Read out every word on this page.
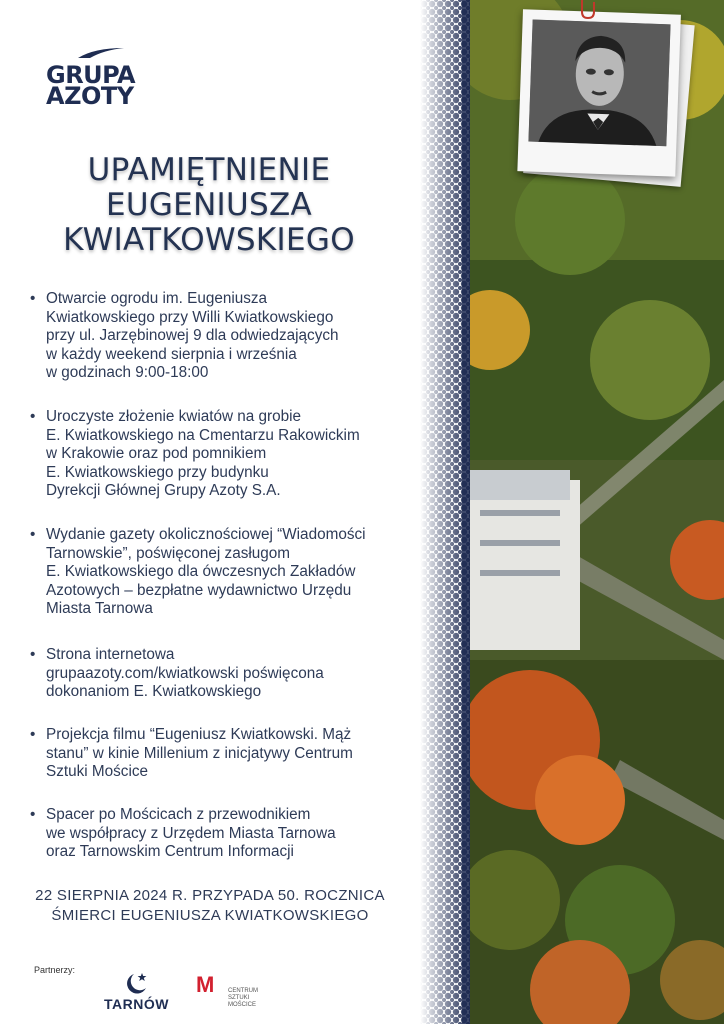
GRUPA
AZOTY
UPAMIĘTNIENIE
EUGENIUSZA
KWIATKOWSKIEGO
• Otwarcie ogrodu im. Eugeniusza
Kwiatkowskiego przy Willi Kwiatkowskiego
przy ul. Jarzębinowej 9 dla odwiedzających
w każdy weekend sierpnia i września
w godzinach 9:00-18:00
• Uroczyste złożenie kwiatów na grobie
E. Kwiatkowskiego na Cmentarzu Rakowickim
w Krakowie oraz pod pomnikiem
E. Kwiatkowskiego przy budynku
Dyrekcji Głównej Grupy Azoty S.A.
• Wydanie gazety okolicznościowej “Wiadomości
Tarnowskie”, poświęconej zasługom
E. Kwiatkowskiego dla ówczesnych Zakładów
Azotowych – bezpłatne wydawnictwo Urzędu
Miasta Tarnowa
• Strona internetowa
grupaazoty.com/kwiatkowski poświęcona
dokonaniom E. Kwiatkowskiego
• Projekcja filmu “Eugeniusz Kwiatkowski. Mąż
stanu” w kinie Millenium z inicjatywy Centrum
Sztuki Mościce
• Spacer po Mościcach z przewodnikiem
we współpracy z Urzędem Miasta Tarnowa
oraz Tarnowskim Centrum Informacji
22 SIERPNIA 2024 R. PRZYPADA 50. ROCZNICA
ŚMIERCI EUGENIUSZA KWIATKOWSKIEGO
Partnerzy:
TARNÓW
M CENTRUM
SZTUKI
MOŚCICE
